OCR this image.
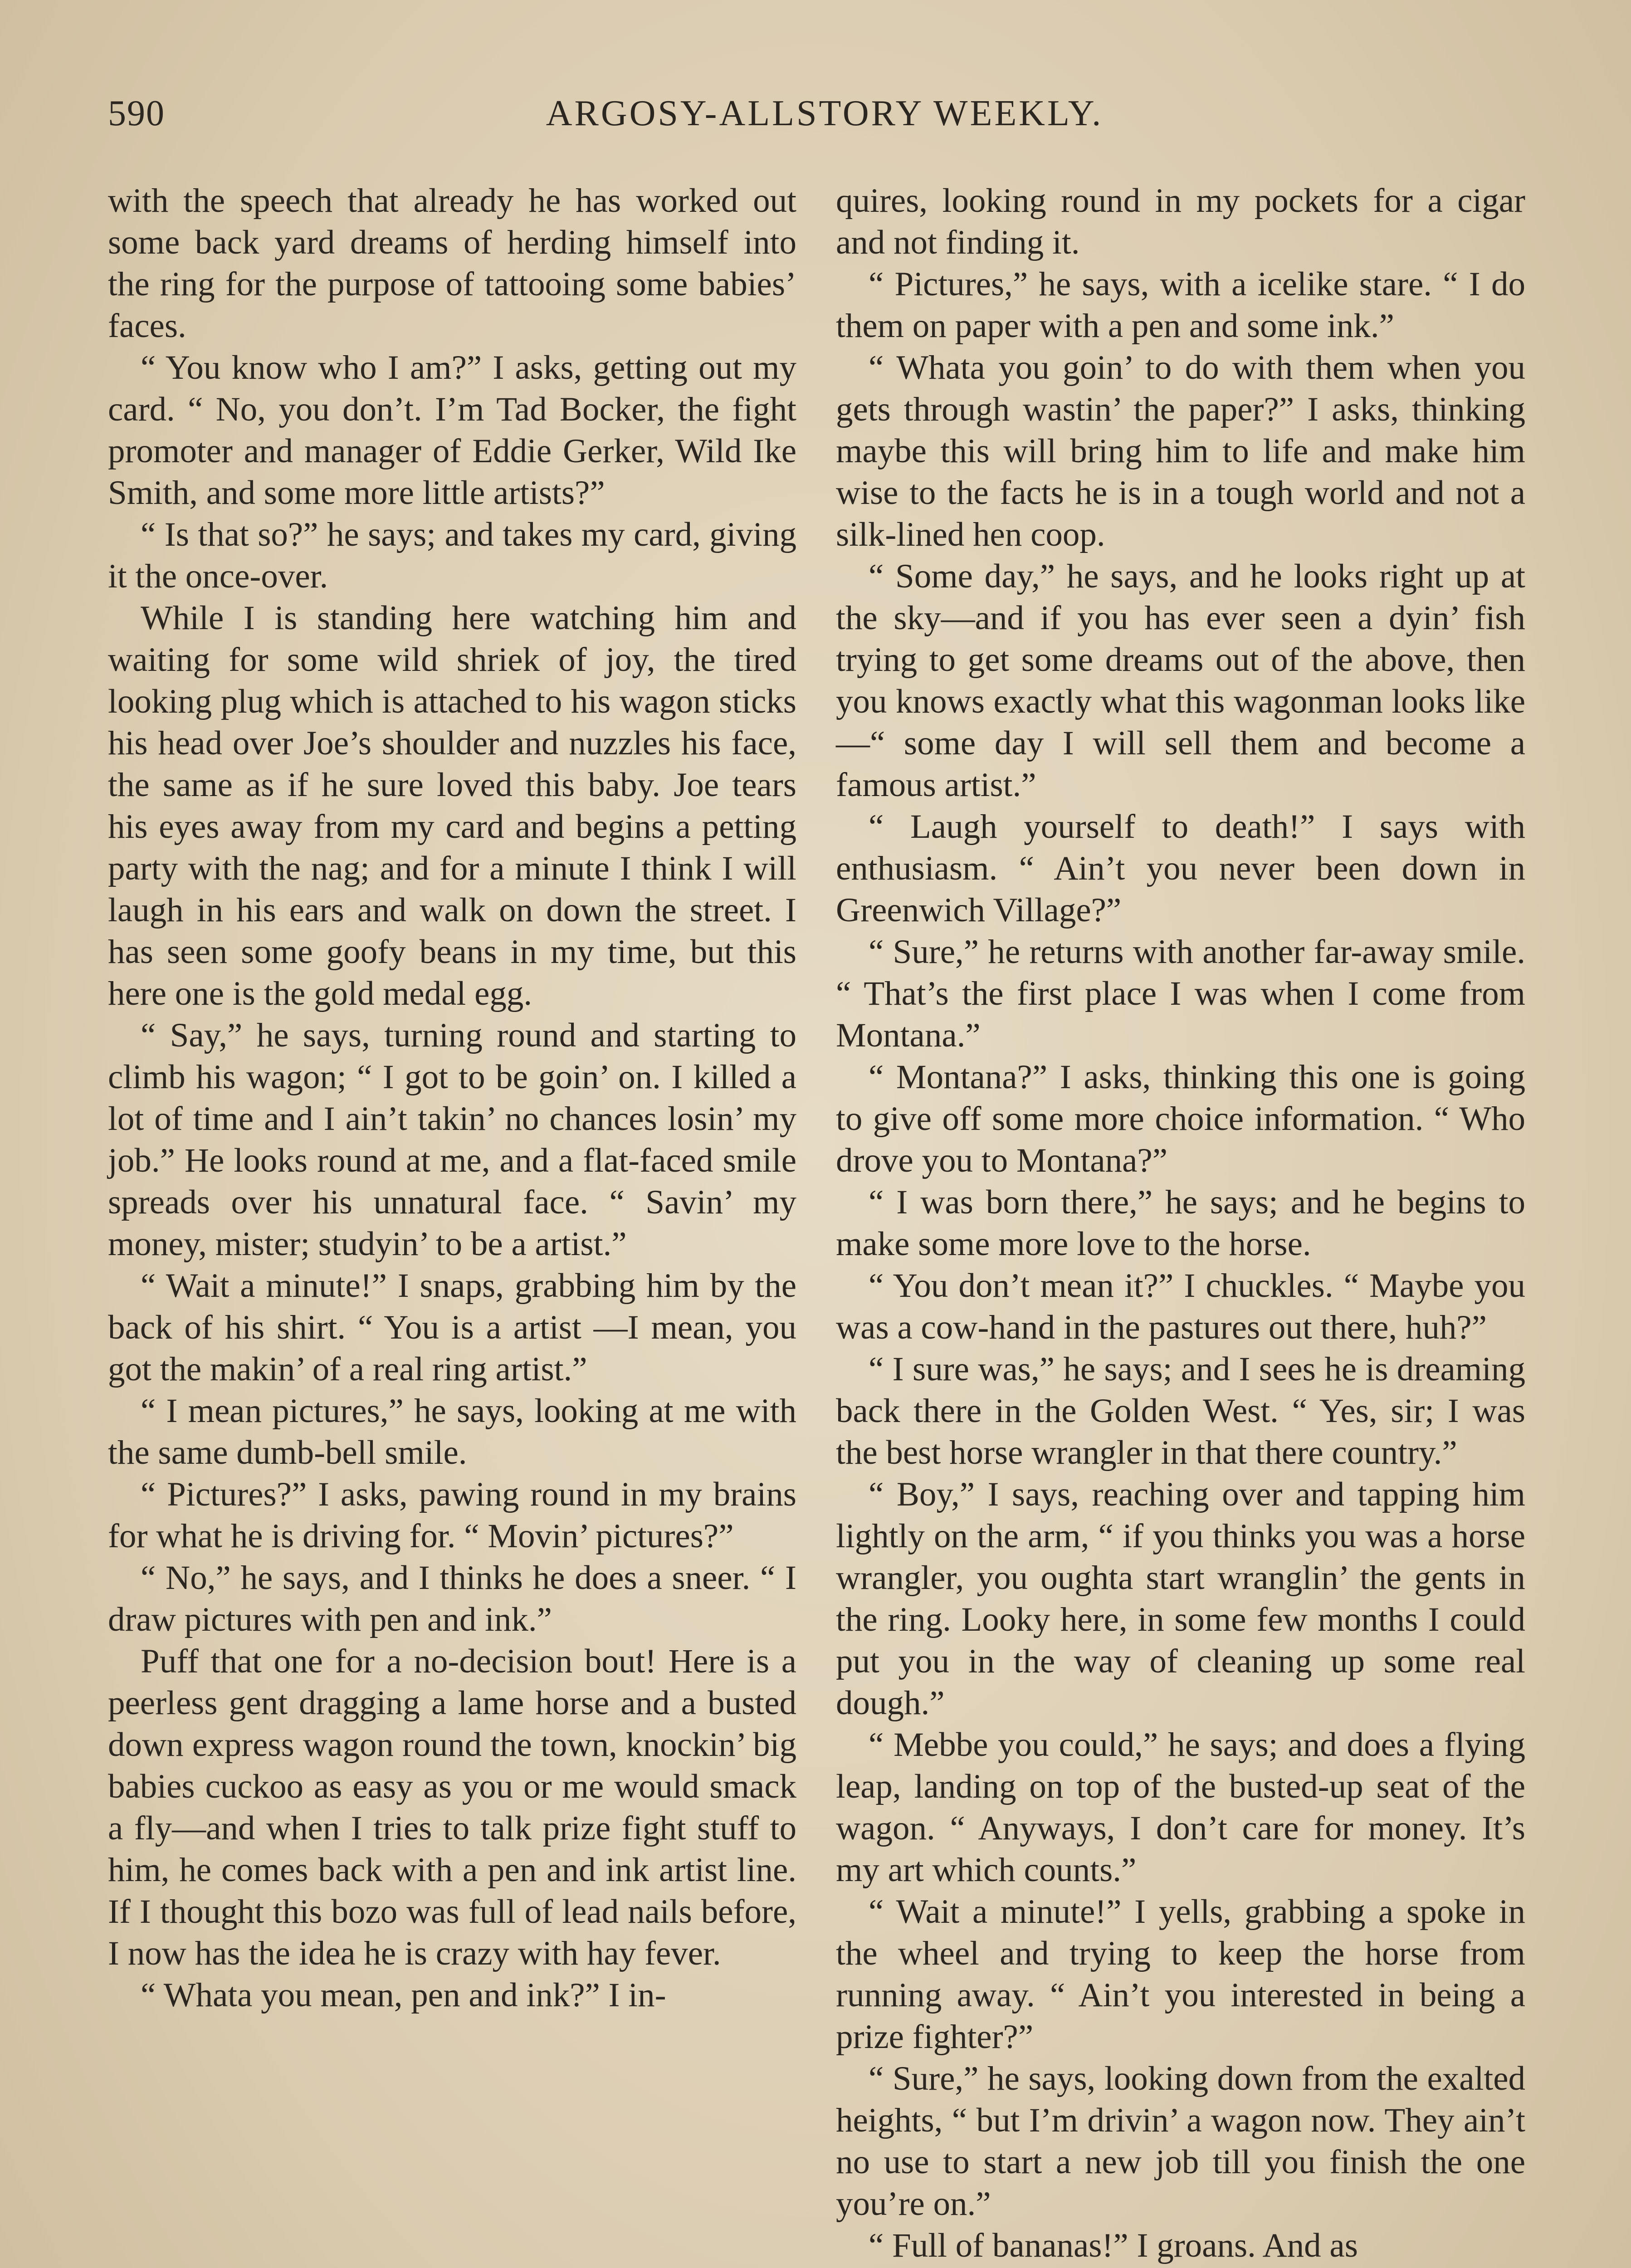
590	ARGOSY-ALLSTORY WEEKLY.

with the speech that already he has worked out some back yard dreams of herding himself into the ring for the purpose of tattooing some babies’ faces.

“ You know who I am?” I asks, getting out my card. “ No, you don’t. I’m Tad Bocker, the fight promoter and manager of Eddie Gerker, Wild Ike Smith, and some more little artists?”

“ Is that so?” he says; and takes my card, giving it the once-over.

While I is standing here watching him and waiting for some wild shriek of joy, the tired looking plug which is attached to his wagon sticks his head over Joe’s shoulder and nuzzles his face, the same as if he sure loved this baby. Joe tears his eyes away from my card and begins a petting party with the nag; and for a minute I think I will laugh in his ears and walk on down the street. I has seen some goofy beans in my time, but this here one is the gold medal egg.

“ Say,” he says, turning round and starting to climb his wagon; “ I got to be goin’ on. I killed a lot of time and I ain’t takin’ no chances losin’ my job.” He looks round at me, and a flat-faced smile spreads over his unnatural face. “ Savin’ my money, mister; studyin’ to be a artist.”

“ Wait a minute!” I snaps, grabbing him by the back of his shirt. “ You is a artist —I mean, you got the makin’ of a real ring artist.”

“ I mean pictures,” he says, looking at me with the same dumb-bell smile.

“ Pictures?” I asks, pawing round in my brains for what he is driving for. “ Movin’ pictures?”

“ No,” he says, and I thinks he does a sneer. “ I draw pictures with pen and ink.”

Puff that one for a no-decision bout! Here is a peerless gent dragging a lame horse and a busted down express wagon round the town, knockin’ big babies cuckoo as easy as you or me would smack a fly—and when I tries to talk prize fight stuff to him, he comes back with a pen and ink artist line. If I thought this bozo was full of lead nails before, I now has the idea he is crazy with hay fever.

“ Whata you mean, pen and ink?” I in-

quires, looking round in my pockets for a cigar and not finding it.

“ Pictures,” he says, with a icelike stare. “ I do them on paper with a pen and some ink.”

“ Whata you goin’ to do with them when you gets through wastin’ the paper?” I asks, thinking maybe this will bring him to life and make him wise to the facts he is in a tough world and not a silk-lined hen coop.

“ Some day,” he says, and he looks right up at the sky—and if you has ever seen a dyin’ fish trying to get some dreams out of the above, then you knows exactly what this wagonman looks like—“ some day I will sell them and become a famous artist.”

“ Laugh yourself to death!” I says with enthusiasm. “ Ain’t you never been down in Greenwich Village?”

“ Sure,” he returns with another far-away smile. “ That’s the first place I was when I come from Montana.”

“ Montana?” I asks, thinking this one is going to give off some more choice information. “ Who drove you to Montana?”

“ I was born there,” he says; and he begins to make some more love to the horse.

“ You don’t mean it?” I chuckles. “ Maybe you was a cow-hand in the pastures out there, huh?”

“ I sure was,” he says; and I sees he is dreaming back there in the Golden West. “ Yes, sir; I was the best horse wrangler in that there country.”

“ Boy,” I says, reaching over and tapping him lightly on the arm, “ if you thinks you was a horse wrangler, you oughta start wranglin’ the gents in the ring. Looky here, in some few months I could put you in the way of cleaning up some real dough.”

“ Mebbe you could,” he says; and does a flying leap, landing on top of the busted-up seat of the wagon. “ Anyways, I don’t care for money. It’s my art which counts.”

“ Wait a minute!” I yells, grabbing a spoke in the wheel and trying to keep the horse from running away. “ Ain’t you interested in being a prize fighter?”

“ Sure,” he says, looking down from the exalted heights, “ but I’m drivin’ a wagon now. They ain’t no use to start a new job till you finish the one you’re on.”

“ Full of bananas!” I groans. And as
